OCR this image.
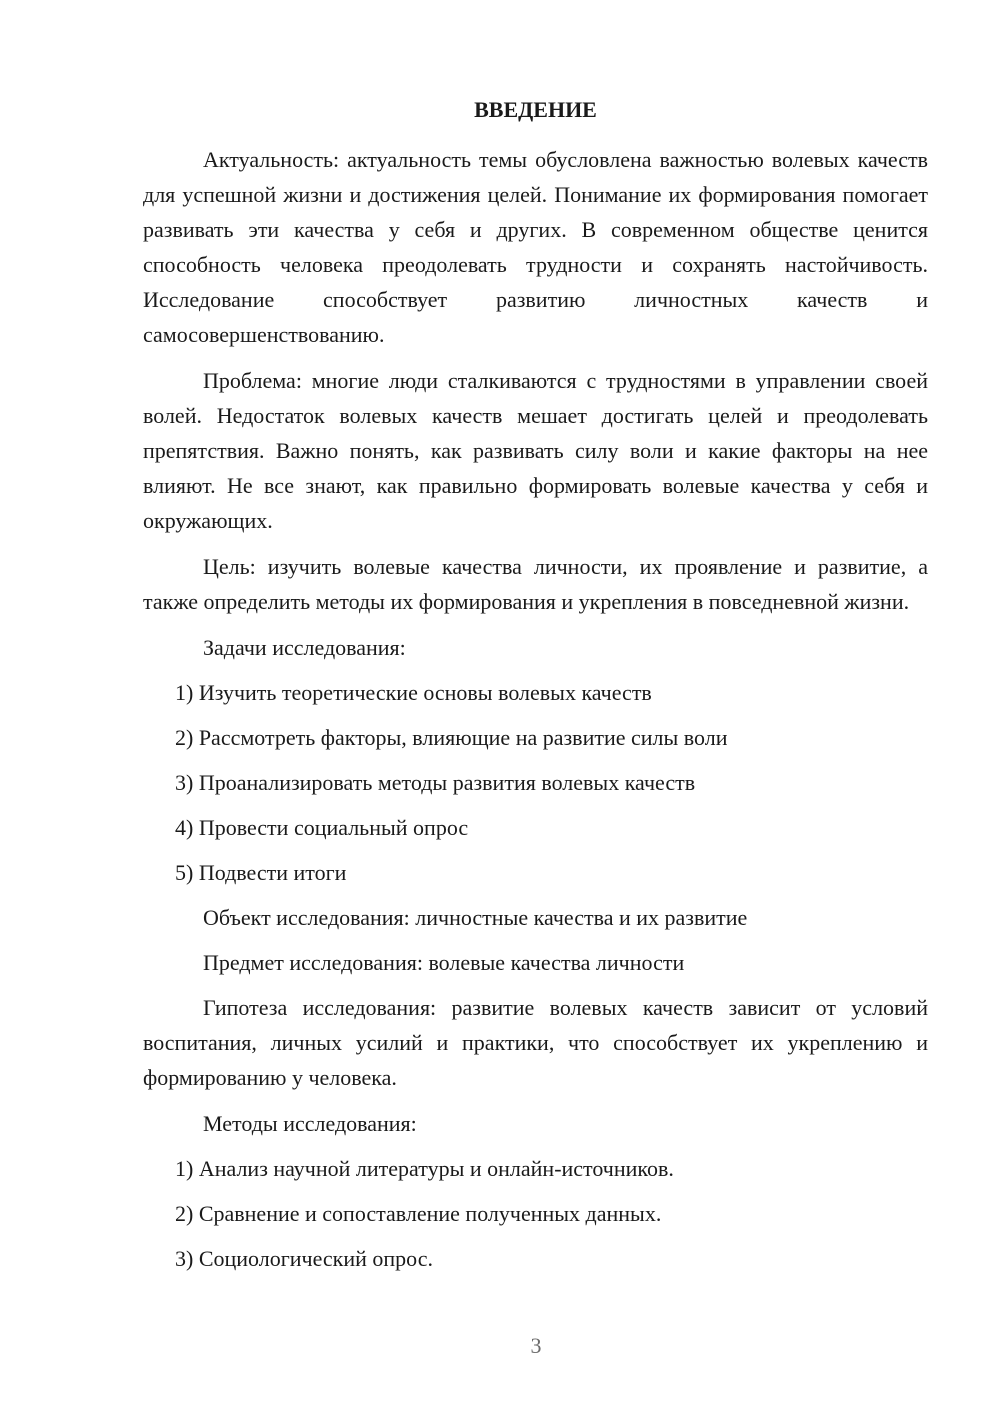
ВВЕДЕНИЕ

Актуальность: актуальность темы обусловлена важностью волевых качеств для успешной жизни и достижения целей. Понимание их формирования помогает развивать эти качества у себя и других. В современном обществе ценится способность человека преодолевать трудности и сохранять настойчивость. Исследование способствует развитию личностных качеств и самосовершенствованию.

Проблема: многие люди сталкиваются с трудностями в управлении своей волей. Недостаток волевых качеств мешает достигать целей и преодолевать препятствия. Важно понять, как развивать силу воли и какие факторы на нее влияют. Не все знают, как правильно формировать волевые качества у себя и окружающих.

Цель: изучить волевые качества личности, их проявление и развитие, а также определить методы их формирования и укрепления в повседневной жизни.

Задачи исследования:
1) Изучить теоретические основы волевых качеств
2) Рассмотреть факторы, влияющие на развитие силы воли
3) Проанализировать методы развития волевых качеств
4) Провести социальный опрос
5) Подвести итоги
Объект исследования: личностные качества и их развитие
Предмет исследования: волевые качества личности

Гипотеза исследования: развитие волевых качеств зависит от условий воспитания, личных усилий и практики, что способствует их укреплению и формированию у человека.

Методы исследования:
1) Анализ научной литературы и онлайн-источников.
2) Сравнение и сопоставление полученных данных.
3) Социологический опрос.
3
